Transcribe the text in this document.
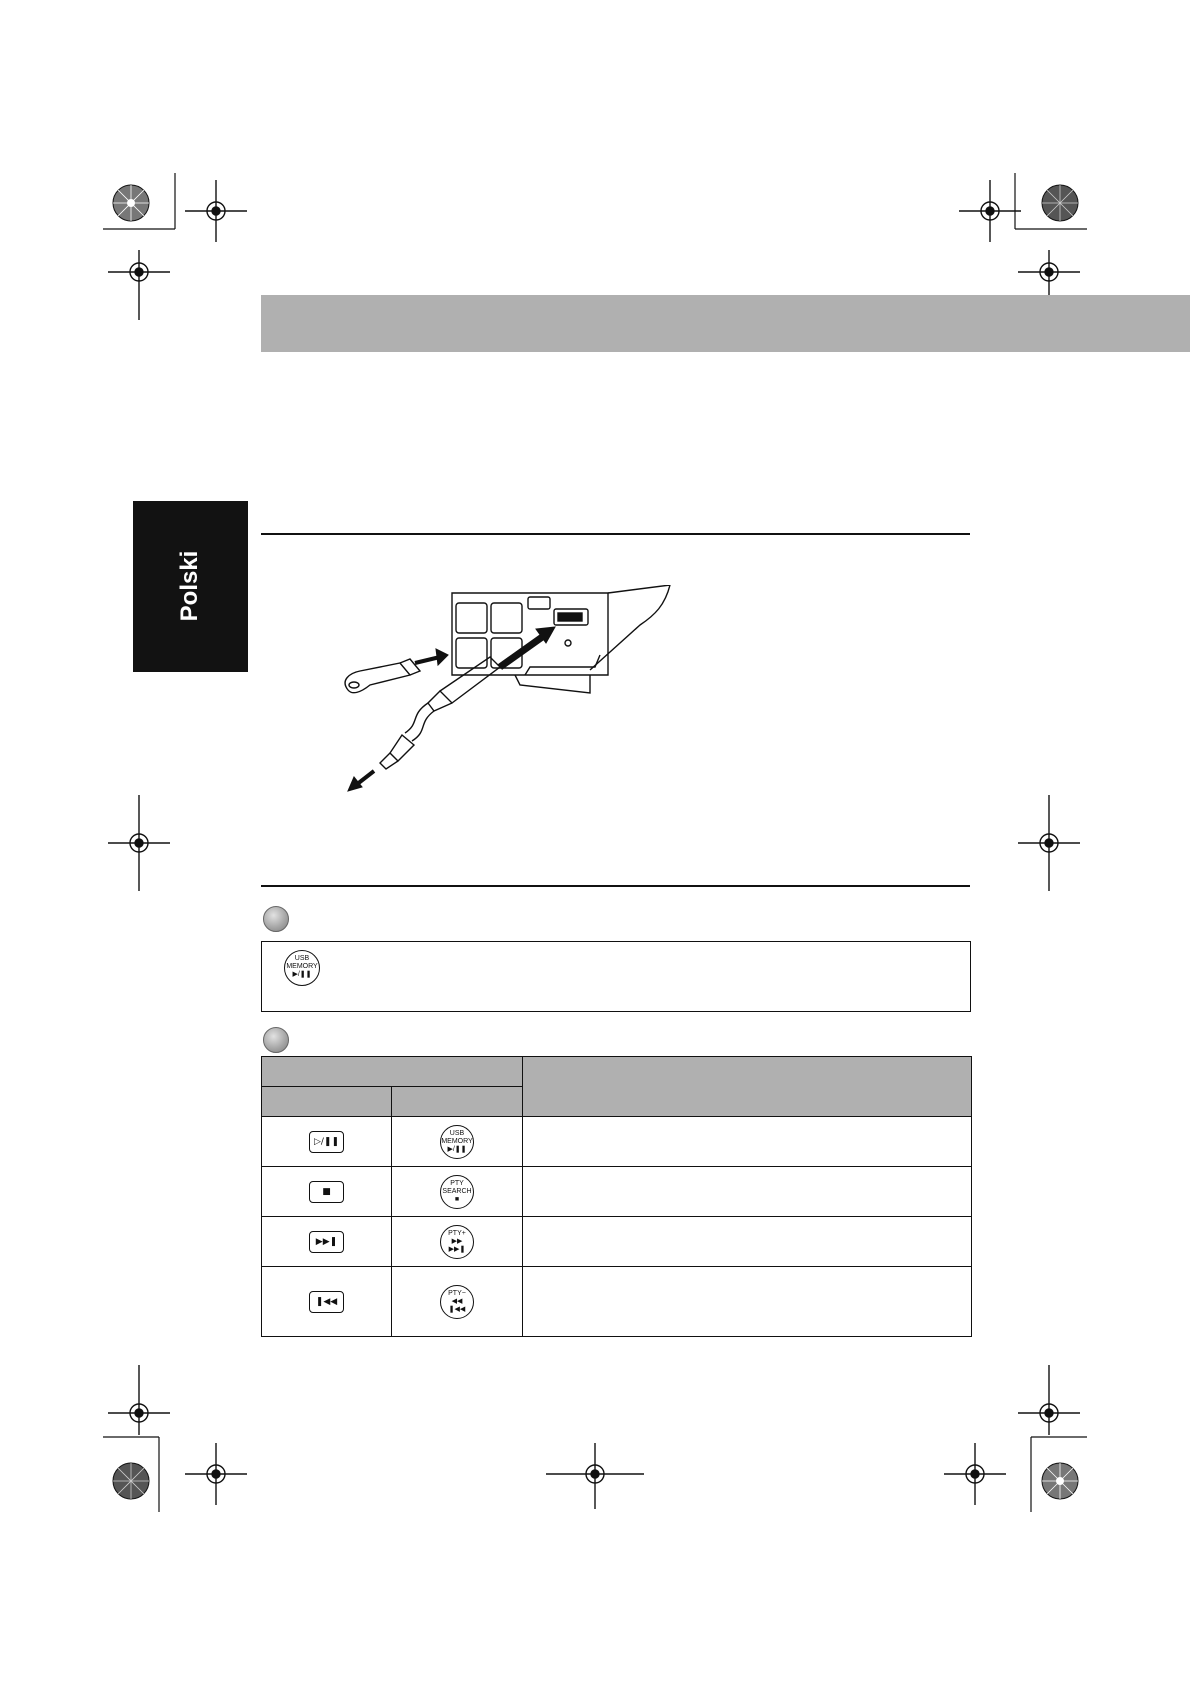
Polski
USB
MEMORY
▶/❚❚

▷/❚❚	USB
MEMORY
▶/❚❚	

■	PTY
SEARCH
■	

▶▶❚	PTY+
▶▶
▶▶❚	

❚◀◀	PTY−
◀◀
❚◀◀	
